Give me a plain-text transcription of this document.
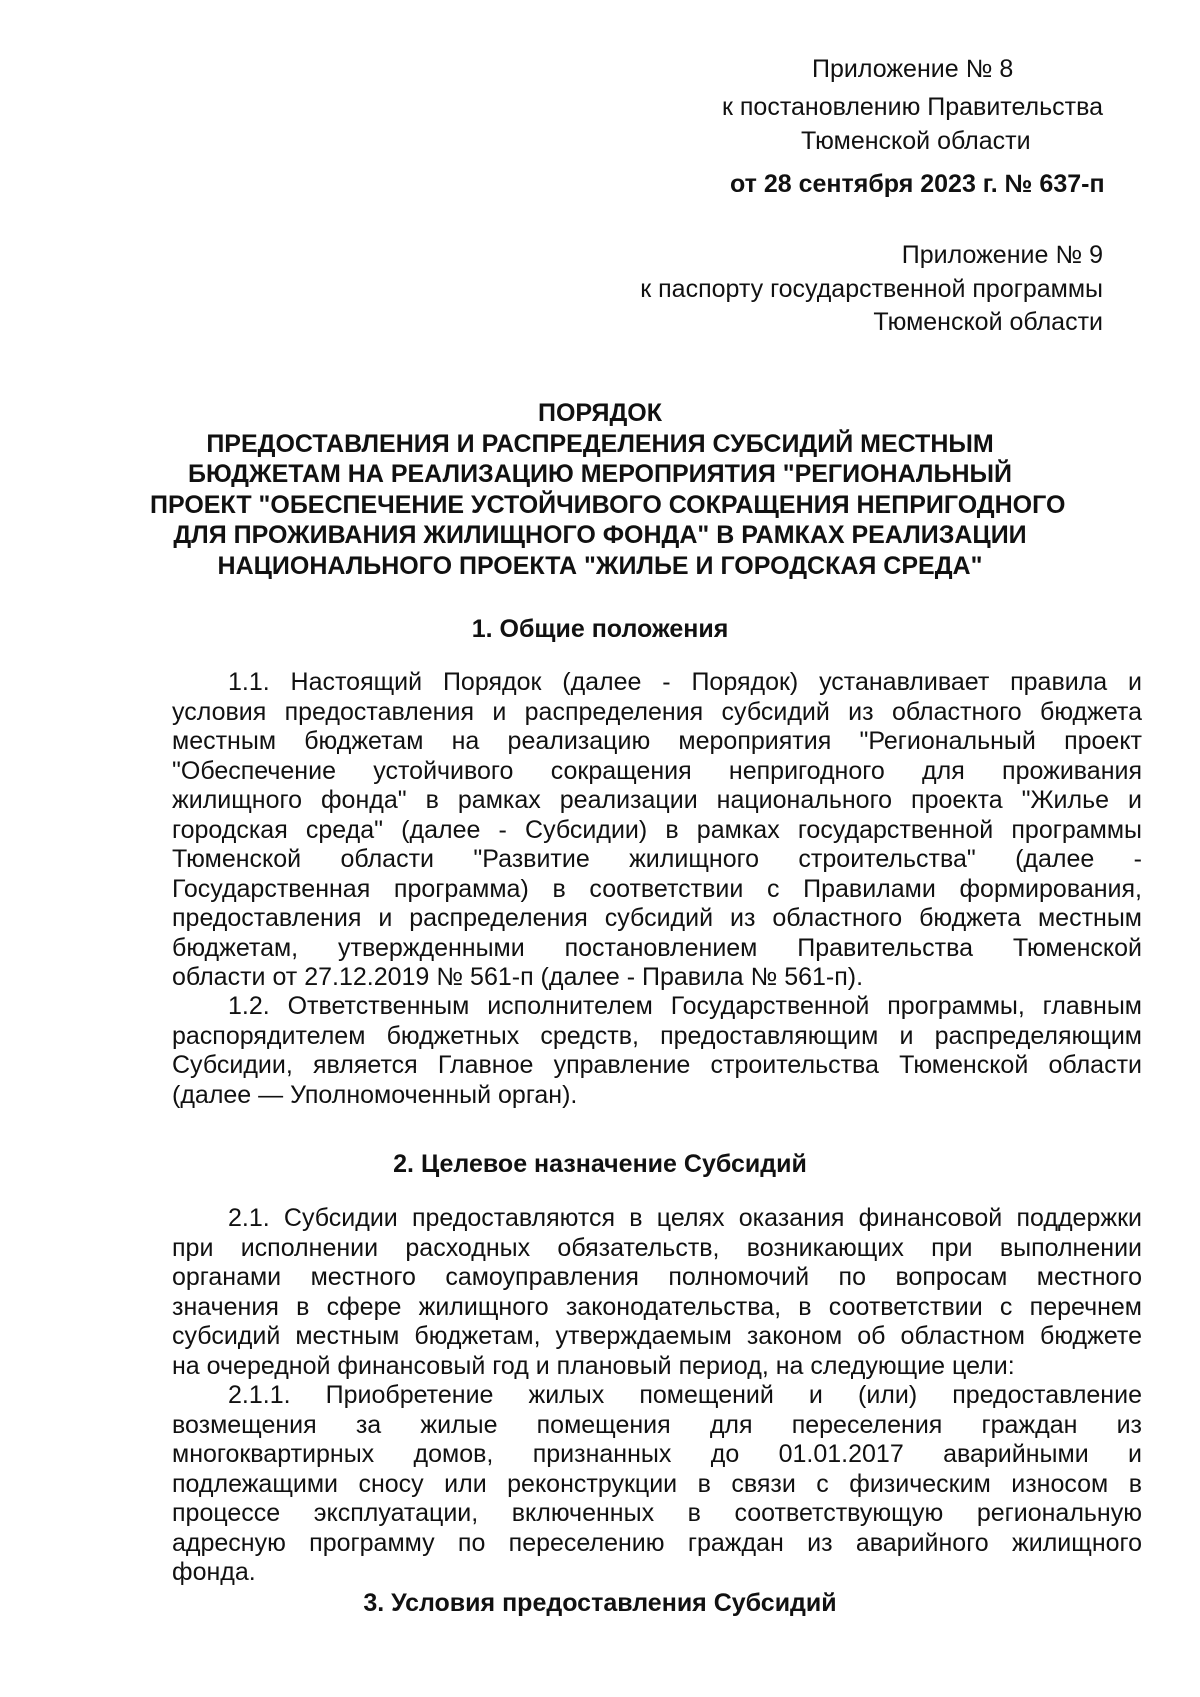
Приложение № 8
к постановлению Правительства
Тюменской области
от 28 сентября 2023 г. № 637-п
Приложение № 9
к паспорту государственной программы
Тюменской области
ПОРЯДОК
ПРЕДОСТАВЛЕНИЯ И РАСПРЕДЕЛЕНИЯ СУБСИДИЙ МЕСТНЫМ
БЮДЖЕТАМ НА РЕАЛИЗАЦИЮ МЕРОПРИЯТИЯ "РЕГИОНАЛЬНЫЙ
ПРОЕКТ "ОБЕСПЕЧЕНИЕ УСТОЙЧИВОГО СОКРАЩЕНИЯ НЕПРИГОДНОГО
ДЛЯ ПРОЖИВАНИЯ ЖИЛИЩНОГО ФОНДА" В РАМКАХ РЕАЛИЗАЦИИ
НАЦИОНАЛЬНОГО ПРОЕКТА "ЖИЛЬЕ И ГОРОДСКАЯ СРЕДА"
1. Общие положения
1.1. Настоящий Порядок (далее - Порядок) устанавливает правила и
условия предоставления и распределения субсидий из областного бюджета
местным бюджетам на реализацию мероприятия "Региональный проект
"Обеспечение устойчивого сокращения непригодного для проживания
жилищного фонда" в рамках реализации национального проекта "Жилье и
городская среда" (далее - Субсидии) в рамках государственной программы
Тюменской области "Развитие жилищного строительства" (далее -
Государственная программа) в соответствии с Правилами формирования,
предоставления и распределения субсидий из областного бюджета местным
бюджетам, утвержденными постановлением Правительства Тюменской
области от 27.12.2019 № 561-п (далее - Правила № 561-п).
1.2. Ответственным исполнителем Государственной программы, главным
распорядителем бюджетных средств, предоставляющим и распределяющим
Субсидии, является Главное управление строительства Тюменской области
(далее — Уполномоченный орган).
2. Целевое назначение Субсидий
2.1. Субсидии предоставляются в целях оказания финансовой поддержки
при исполнении расходных обязательств, возникающих при выполнении
органами местного самоуправления полномочий по вопросам местного
значения в сфере жилищного законодательства, в соответствии с перечнем
субсидий местным бюджетам, утверждаемым законом об областном бюджете
на очередной финансовый год и плановый период, на следующие цели:
2.1.1. Приобретение жилых помещений и (или) предоставление
возмещения за жилые помещения для переселения граждан из
многоквартирных домов, признанных до 01.01.2017 аварийными и
подлежащими сносу или реконструкции в связи с физическим износом в
процессе эксплуатации, включенных в соответствующую региональную
адресную программу по переселению граждан из аварийного жилищного
фонда.
3. Условия предоставления Субсидий
